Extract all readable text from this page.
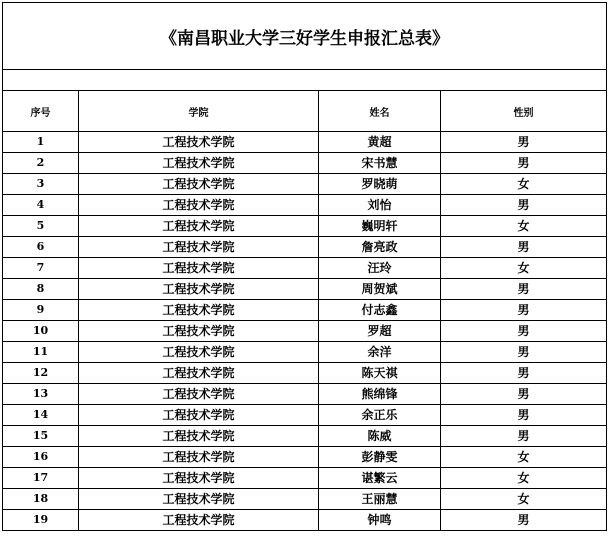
《南昌职业大学三好学生申报汇总表》			

序号	学院	姓名	性别
1	工程技术学院	黄超	男
2	工程技术学院	宋书慧	男
3	工程技术学院	罗晓萌	女
4	工程技术学院	刘怡	男
5	工程技术学院	巍明轩	女
6	工程技术学院	詹亮政	男
7	工程技术学院	汪玲	女
8	工程技术学院	周贺斌	男
9	工程技术学院	付志鑫	男
10	工程技术学院	罗超	男
11	工程技术学院	余洋	男
12	工程技术学院	陈天祺	男
13	工程技术学院	熊绵锋	男
14	工程技术学院	余正乐	男
15	工程技术学院	陈威	男
16	工程技术学院	彭静雯	女
17	工程技术学院	谌繁云	女
18	工程技术学院	王丽慧	女
19	工程技术学院	钟鸣	男
